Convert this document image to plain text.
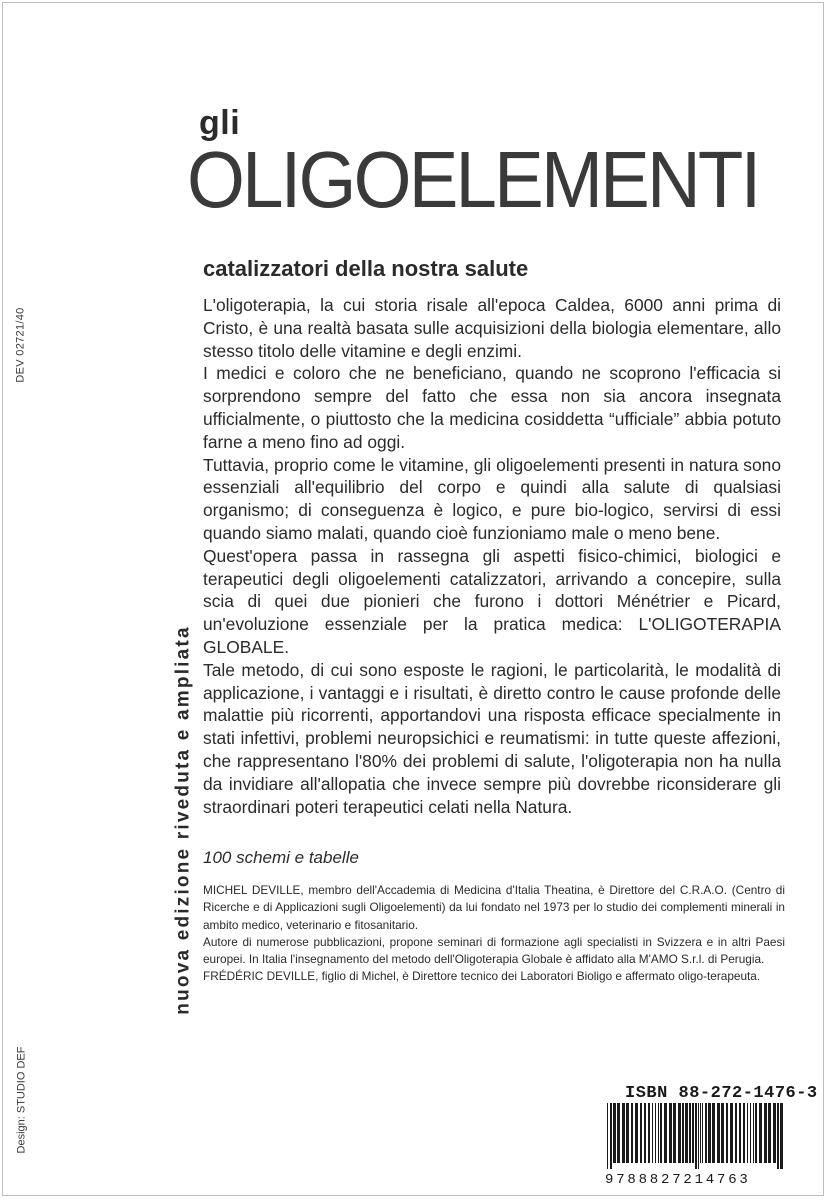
DEV 02721/40
Design: STUDIO DEF
nuova edizione riveduta e ampliata
gli
OLIGOELEMENTI
catalizzatori della nostra salute

L'oligoterapia, la cui storia risale all'epoca Caldea, 6000 anni prima di Cristo, è una realtà basata sulle acquisizioni della biologia elementare, allo stesso titolo delle vitamine e degli enzimi.

I medici e coloro che ne beneficiano, quando ne scoprono l'efficacia si sorprendono sempre del fatto che essa non sia ancora insegnata ufficialmente, o piuttosto che la medicina cosiddetta “ufficiale” abbia potuto farne a meno fino ad oggi.

Tuttavia, proprio come le vitamine, gli oligoelementi presenti in natura sono essenziali all'equilibrio del corpo e quindi alla salute di qualsiasi organismo; di conseguenza è logico, e pure bio-logico, servirsi di essi quando siamo malati, quando cioè funzioniamo male o meno bene.

Quest'opera passa in rassegna gli aspetti fisico-chimici, biologici e terapeutici degli oligoelementi catalizzatori, arrivando a concepire, sulla scia di quei due pionieri che furono i dottori Ménétrier e Picard, un'evoluzione essenziale per la pratica medica: L'OLIGOTERAPIA GLOBALE.

Tale metodo, di cui sono esposte le ragioni, le particolarità, le modalità di applicazione, i vantaggi e i risultati, è diretto contro le cause profonde delle malattie più ricorrenti, apportandovi una risposta efficace specialmente in stati infettivi, problemi neuropsichici e reumatismi: in tutte queste affezioni, che rappresentano l'80% dei problemi di salute, l'oligoterapia non ha nulla da invidiare all'allopatia che invece sempre più dovrebbe riconsiderare gli straordinari poteri terapeutici celati nella Natura.

100 schemi e tabelle

MICHEL DEVILLE, membro dell'Accademia di Medicina d'Italia Theatina, è Direttore del C.R.A.O. (Centro di Ricerche e di Applicazioni sugli Oligoelementi) da lui fondato nel 1973 per lo studio dei complementi minerali in ambito medico, veterinario e fitosanitario.

Autore di numerose pubblicazioni, propone seminari di formazione agli specialisti in Svizzera e in altri Paesi europei. In Italia l'insegnamento del metodo dell'Oligoterapia Globale è affidato alla M'AMO S.r.l. di Perugia.

FRÉDÉRIC DEVILLE, figlio di Michel, è Direttore tecnico dei Laboratori Bioligo e affermato oligo-terapeuta.

ISBN 88-272-1476-3
9788827214763
